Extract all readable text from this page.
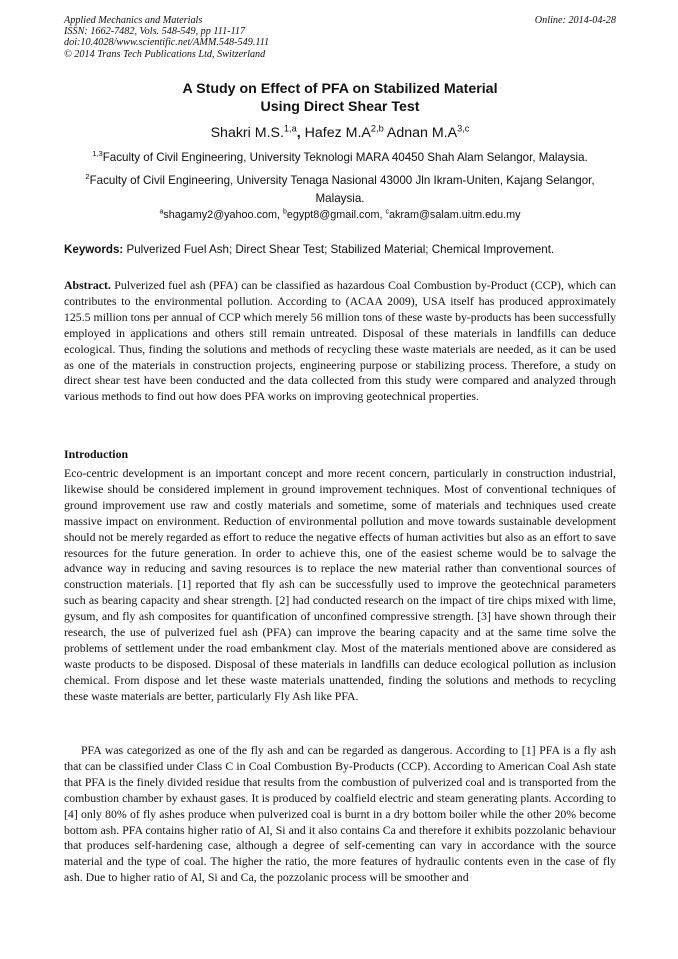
Applied Mechanics and Materials
ISSN: 1662-7482, Vols. 548-549, pp 111-117
doi:10.4028/www.scientific.net/AMM.548-549.111
© 2014 Trans Tech Publications Ltd, Switzerland
Online: 2014-04-28
A Study on Effect of PFA on Stabilized Material
Using Direct Shear Test
Shakri M.S.$^{1,a}$, Hafez $M.A^{2,b}$ Adnan $M.A^{3,c}$
$^{1,3}$Faculty of Civil Engineering, University Teknologi MARA 40450 Shah Alam Selangor, Malaysia.
$^2$Faculty of Civil Engineering, University Tenaga Nasional 43000 Jln Ikram-Uniten, Kajang Selangor, Malaysia.
$^a$shagamy2@yahoo.com, $^b$egypt8@gmail.com, $^c$akram@salam.uitm.edu.my
Keywords: Pulverized Fuel Ash; Direct Shear Test; Stabilized Material; Chemical Improvement.
Abstract. Pulverized fuel ash (PFA) can be classified as hazardous Coal Combustion by-Product (CCP), which can contributes to the environmental pollution. According to (ACAA 2009), USA itself has produced approximately 125.5 million tons per annual of CCP which merely 56 million tons of these waste by-products has been successfully employed in applications and others still remain untreated. Disposal of these materials in landfills can deduce ecological. Thus, finding the solutions and methods of recycling these waste materials are needed, as it can be used as one of the materials in construction projects, engineering purpose or stabilizing process. Therefore, a study on direct shear test have been conducted and the data collected from this study were compared and analyzed through various methods to find out how does PFA works on improving geotechnical properties.
Introduction
Eco-centric development is an important concept and more recent concern, particularly in construction industrial, likewise should be considered implement in ground improvement techniques. Most of conventional techniques of ground improvement use raw and costly materials and sometime, some of materials and techniques used create massive impact on environment. Reduction of environmental pollution and move towards sustainable development should not be merely regarded as effort to reduce the negative effects of human activities but also as an effort to save resources for the future generation. In order to achieve this, one of the easiest scheme would be to salvage the advance way in reducing and saving resources is to replace the new material rather than conventional sources of construction materials. [1] reported that fly ash can be successfully used to improve the geotechnical parameters such as bearing capacity and shear strength. [2] had conducted research on the impact of tire chips mixed with lime, gysum, and fly ash composites for quantification of unconfined compressive strength. [3] have shown through their research, the use of pulverized fuel ash (PFA) can improve the bearing capacity and at the same time solve the problems of settlement under the road embankment clay. Most of the materials mentioned above are considered as waste products to be disposed. Disposal of these materials in landfills can deduce ecological pollution as inclusion chemical. From dispose and let these waste materials unattended, finding the solutions and methods to recycling these waste materials are better, particularly Fly Ash like PFA.
PFA was categorized as one of the fly ash and can be regarded as dangerous. According to [1] PFA is a fly ash that can be classified under Class C in Coal Combustion By-Products (CCP). According to American Coal Ash state that PFA is the finely divided residue that results from the combustion of pulverized coal and is transported from the combustion chamber by exhaust gases. It is produced by coalfield electric and steam generating plants. According to [4] only 80% of fly ashes produce when pulverized coal is burnt in a dry bottom boiler while the other 20% become bottom ash. PFA contains higher ratio of Al, Si and it also contains Ca and therefore it exhibits pozzolanic behaviour that produces self-hardening case, although a degree of self-cementing can vary in accordance with the source material and the type of coal. The higher the ratio, the more features of hydraulic contents even in the case of fly ash. Due to higher ratio of Al, Si and Ca, the pozzolanic process will be smoother and
